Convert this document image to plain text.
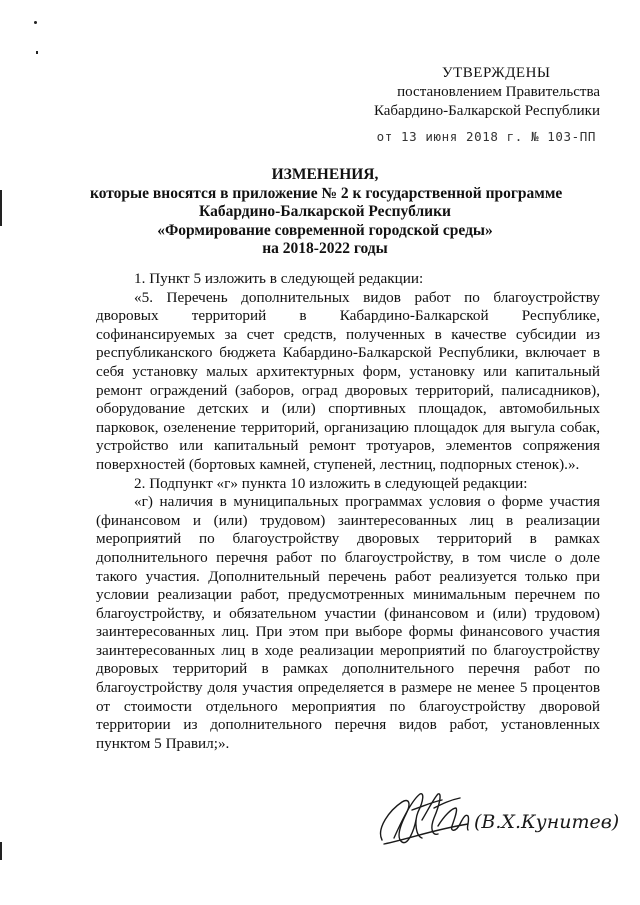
УТВЕРЖДЕНЫ
постановлением Правительства
Кабардино-Балкарской Республики
от 13 июня 2018 г. № 103-ПП
ИЗМЕНЕНИЯ,
которые вносятся в приложение № 2 к государственной программе
Кабардино-Балкарской Республики
«Формирование современной городской среды»
на 2018-2022 годы

1. Пункт 5 изложить в следующей редакции:

«5. Перечень дополнительных видов работ по благоустройству дворовых территорий в Кабардино-Балкарской Республике, софинансируемых за счет средств, полученных в качестве субсидии из республиканского бюджета Кабардино-Балкарской Республики, включает в себя установку малых архитектурных форм, установку или капитальный ремонт ограждений (заборов, оград дворовых территорий, палисадников), оборудование детских и (или) спортивных площадок, автомобильных парковок, озеленение территорий, организацию площадок для выгула собак, устройство или капитальный ремонт тротуаров, элементов сопряжения поверхностей (бортовых камней, ступеней, лестниц, подпорных стенок).».

2. Подпункт «г» пункта 10 изложить в следующей редакции:

«г) наличия в муниципальных программах условия о форме участия (финансовом и (или) трудовом) заинтересованных лиц в реализации мероприятий по благоустройству дворовых территорий в рамках дополнительного перечня работ по благоустройству, в том числе о доле такого участия. Дополнительный перечень работ реализуется только при условии реализации работ, предусмотренных минимальным перечнем по благоустройству, и обязательном участии (финансовом и (или) трудовом) заинтересованных лиц. При этом при выборе формы финансового участия заинтересованных лиц в ходе реализации мероприятий по благоустройству дворовых территорий в рамках дополнительного перечня работ по благоустройству доля участия определяется в размере не менее 5 процентов от стоимости отдельного мероприятия по благоустройству дворовой территории из дополнительного перечня видов работ, установленных пунктом 5 Правил;».

(В.Х.Кунитев)
